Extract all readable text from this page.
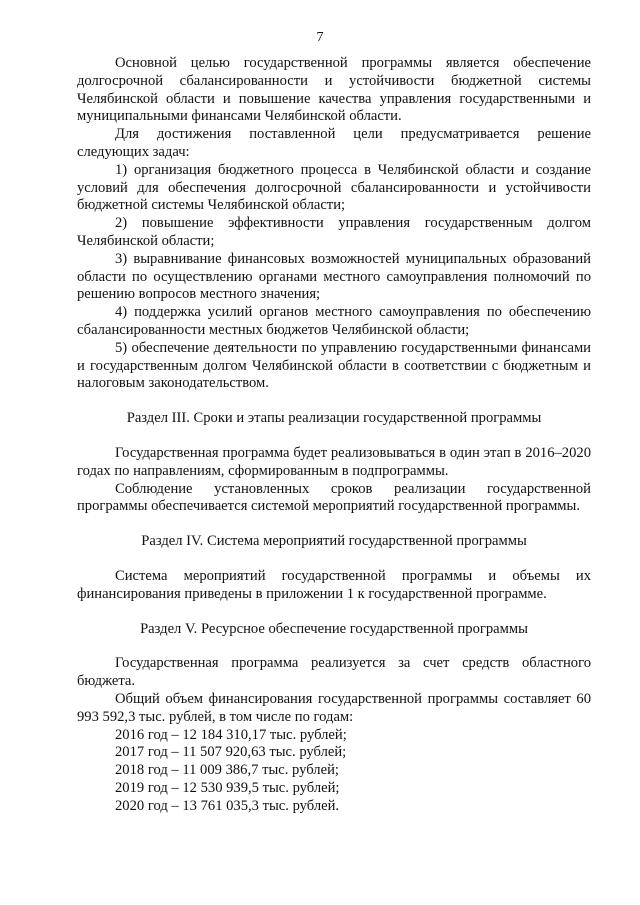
7

Основной целью государственной программы является обеспечение долгосрочной сбалансированности и устойчивости бюджетной системы Челябинской области и повышение качества управления государственными и муниципальными финансами Челябинской области.

Для достижения поставленной цели предусматривается решение следующих задач:

1) организация бюджетного процесса в Челябинской области и создание условий для обеспечения долгосрочной сбалансированности и устойчивости бюджетной системы Челябинской области;

2) повышение эффективности управления государственным долгом Челябинской области;

3) выравнивание финансовых возможностей муниципальных образований области по осуществлению органами местного самоуправления полномочий по решению вопросов местного значения;

4) поддержка усилий органов местного самоуправления по обеспечению сбалансированности местных бюджетов Челябинской области;

5) обеспечение деятельности по управлению государственными финансами и государственным долгом Челябинской области в соответствии с бюджетным и налоговым законодательством.

Раздел III. Сроки и этапы реализации государственной программы

Государственная программа будет реализовываться в один этап в 2016–2020 годах по направлениям, сформированным в подпрограммы.

Соблюдение установленных сроков реализации государственной программы обеспечивается системой мероприятий государственной программы.

Раздел IV. Система мероприятий государственной программы

Система мероприятий государственной программы и объемы их финансирования приведены в приложении 1 к государственной программе.

Раздел V. Ресурсное обеспечение государственной программы

Государственная программа реализуется за счет средств областного бюджета.

Общий объем финансирования государственной программы составляет 60 993 592,3 тыс. рублей, в том числе по годам:

2016 год – 12 184 310,17 тыс. рублей;

2017 год – 11 507 920,63 тыс. рублей;

2018 год – 11 009 386,7 тыс. рублей;

2019 год – 12 530 939,5 тыс. рублей;

2020 год – 13 761 035,3 тыс. рублей.
